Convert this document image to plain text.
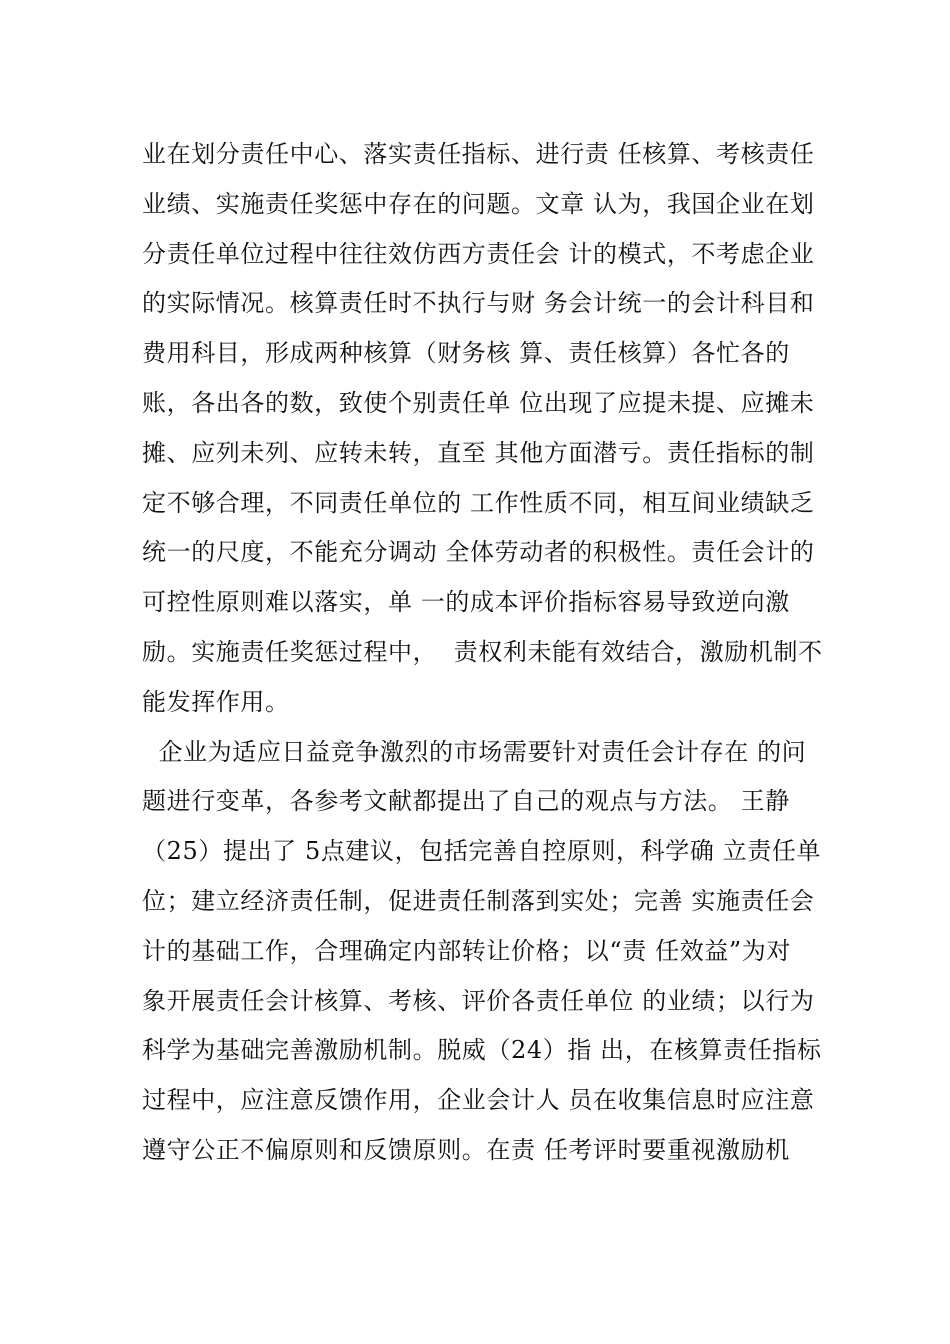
业在划分责任中心、落实责任指标、进行责 任核算、考核责任
业绩、实施责任奖惩中存在的问题。文章 认为，我国企业在划
分责任单位过程中往往效仿西方责任会 计的模式，不考虑企业
的实际情况。核算责任时不执行与财 务会计统一的会计科目和
费用科目，形成两种核算（财务核 算、责任核算）各忙各的
账，各出各的数，致使个别责任单 位出现了应提未提、应摊未
摊、应列未列、应转未转，直至 其他方面潜亏。责任指标的制
定不够合理，不同责任单位的 工作性质不同，相互间业绩缺乏
统一的尺度，不能充分调动 全体劳动者的积极性。责任会计的
可控性原则难以落实，单 一的成本评价指标容易导致逆向激
励。实施责任奖惩过程中，  责权利未能有效结合，激励机制不
能发挥作用。
企业为适应日益竞争激烈的市场需要针对责任会计存在 的问
题进行变革，各参考文献都提出了自己的观点与方法。 王静
（25）提出了 5点建议，包括完善自控原则，科学确 立责任单
位；建立经济责任制，促进责任制落到实处；完善 实施责任会
计的基础工作，合理确定内部转让价格；以“责 任效益”为对
象开展责任会计核算、考核、评价各责任单位 的业绩；以行为
科学为基础完善激励机制。脱威（24）指 出，在核算责任指标
过程中，应注意反馈作用，企业会计人 员在收集信息时应注意
遵守公正不偏原则和反馈原则。在责 任考评时要重视激励机
